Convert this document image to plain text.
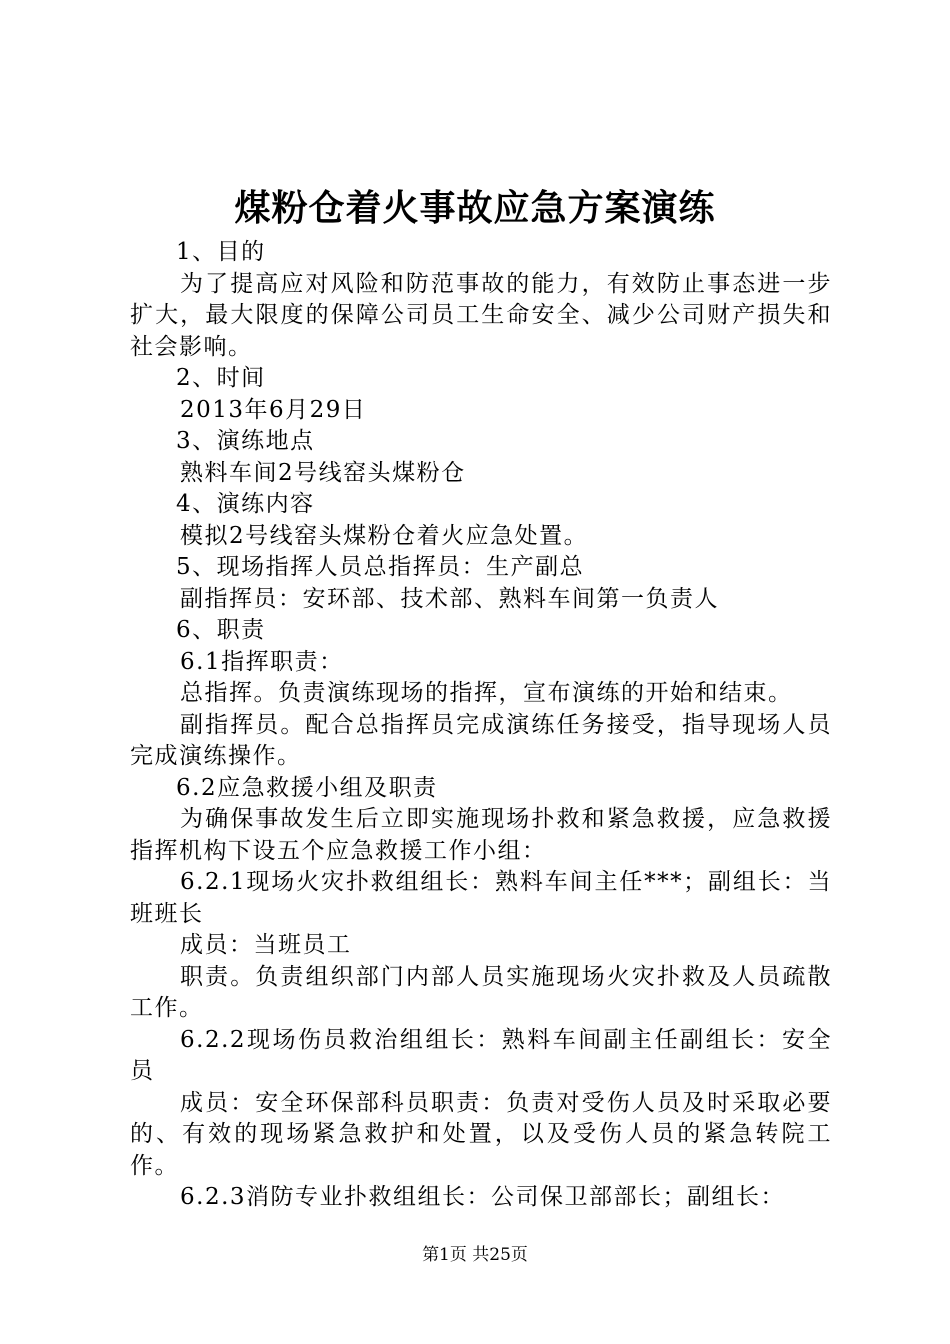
煤粉仓着火事故应急方案演练

1、目的

为了提高应对风险和防范事故的能力，有效防止事态进一步扩大，最大限度的保障公司员工生命安全、减少公司财产损失和社会影响。

2、时间

2013年6月29日

3、演练地点

熟料车间2号线窑头煤粉仓

4、演练内容

模拟2号线窑头煤粉仓着火应急处置。

5、现场指挥人员总指挥员：生产副总

副指挥员：安环部、技术部、熟料车间第一负责人

6、职责

6.1指挥职责：

总指挥。负责演练现场的指挥，宣布演练的开始和结束。

副指挥员。配合总指挥员完成演练任务接受，指导现场人员完成演练操作。

6.2应急救援小组及职责

为确保事故发生后立即实施现场扑救和紧急救援，应急救援指挥机构下设五个应急救援工作小组：

6.2.1现场火灾扑救组组长：熟料车间主任***；副组长：当班班长

成员：当班员工

职责。负责组织部门内部人员实施现场火灾扑救及人员疏散工作。

6.2.2现场伤员救治组组长：熟料车间副主任副组长：安全员

成员：安全环保部科员职责：负责对受伤人员及时采取必要的、有效的现场紧急救护和处置，以及受伤人员的紧急转院工作。

6.2.3消防专业扑救组组长：公司保卫部部长；副组长：

第1页 共25页
